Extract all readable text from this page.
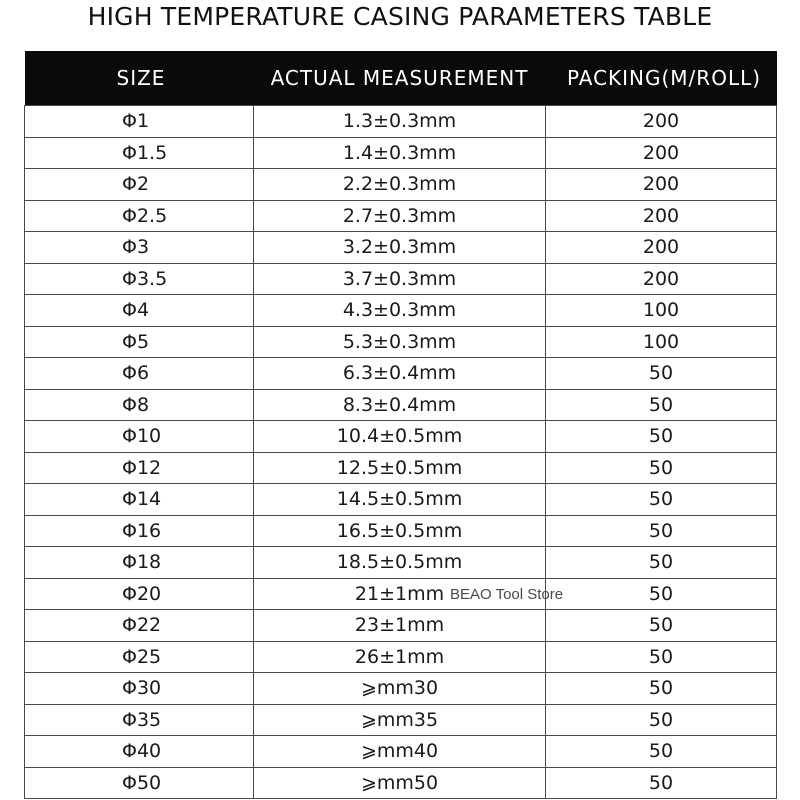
HIGH TEMPERATURE CASING PARAMETERS TABLE
SIZE	ACTUAL MEASUREMENT	PACKING(M/ROLL)
Φ1	1.3±0.3mm	200
Φ1.5	1.4±0.3mm	200
Φ2	2.2±0.3mm	200
Φ2.5	2.7±0.3mm	200
Φ3	3.2±0.3mm	200
Φ3.5	3.7±0.3mm	200
Φ4	4.3±0.3mm	100
Φ5	5.3±0.3mm	100
Φ6	6.3±0.4mm	50
Φ8	8.3±0.4mm	50
Φ10	10.4±0.5mm	50
Φ12	12.5±0.5mm	50
Φ14	14.5±0.5mm	50
Φ16	16.5±0.5mm	50
Φ18	18.5±0.5mm	50
Φ20	21±1mm	50
Φ22	23±1mm	50
Φ25	26±1mm	50
Φ30	⩾mm30	50
Φ35	⩾mm35	50
Φ40	⩾mm40	50
Φ50	⩾mm50	50
BEAO Tool Store
